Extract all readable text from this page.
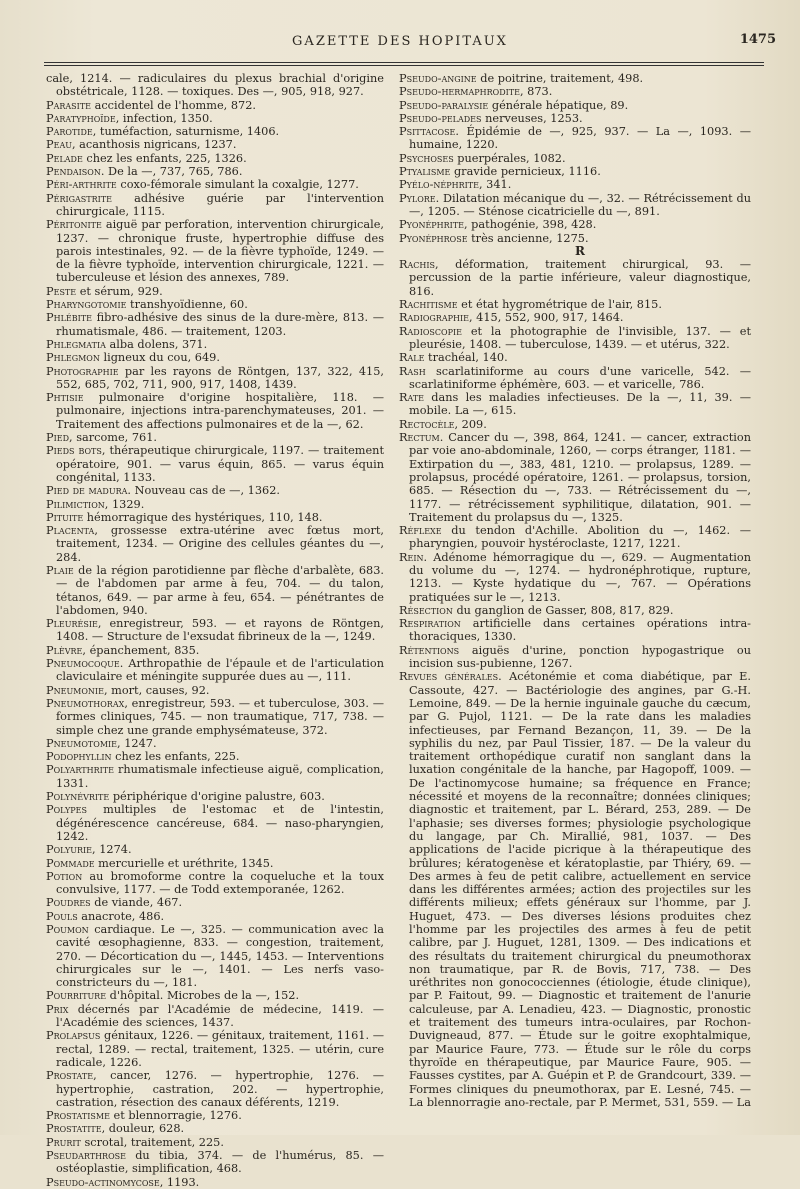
GAZETTE DES HOPITAUX	1475

cale, 1214. — radiculaires du plexus brachial d'origine obstétricale, 1128. — toxiques. Des —, 905, 918, 927.

Parasite accidentel de l'homme, 872.

Paratyphoïde, infection, 1350.

Parotide, tuméfaction, saturnisme, 1406.

Peau, acanthosis nigricans, 1237.

Pelade chez les enfants, 225, 1326.

Pendaison. De la —, 737, 765, 786.

Péri-arthrite coxo-fémorale simulant la coxalgie, 1277.

Périgastrite adhésive guérie par l'intervention chirurgicale, 1115.

Péritonite aiguë par perforation, intervention chirurgicale, 1237. — chronique fruste, hypertrophie diffuse des parois intestinales, 92. — de la fièvre typhoïde, 1249. — de la fièvre typhoïde, intervention chirurgicale, 1221. — tuberculeuse et lésion des annexes, 789.

Peste et sérum, 929.

Pharyngotomie transhyoïdienne, 60.

Phlébite fibro-adhésive des sinus de la dure-mère, 813. — rhumatismale, 486. — traitement, 1203.

Phlegmatia alba dolens, 371.

Phlegmon ligneux du cou, 649.

Photographie par les rayons de Röntgen, 137, 322, 415, 552, 685, 702, 711, 900, 917, 1408, 1439.

Phtisie pulmonaire d'origine hospitalière, 118. — pulmonaire, injections intra-parenchymateuses, 201. — Traitement des affections pulmonaires et de la —, 62.

Pied, sarcome, 761.

Pieds bots, thérapeutique chirurgicale, 1197. — traitement opératoire, 901. — varus équin, 865. — varus équin congénital, 1133.

Pied de madura. Nouveau cas de —, 1362.

Pilimiction, 1329.

Pituite hémorragique des hystériques, 110, 148.

Placenta, grossesse extra-utérine avec fœtus mort, traitement, 1234. — Origine des cellules géantes du —, 284.

Plaie de la région parotidienne par flèche d'arbalète, 683. — de l'abdomen par arme à feu, 704. — du talon, tétanos, 649. — par arme à feu, 654. — pénétrantes de l'abdomen, 940.

Pleurésie, enregistreur, 593. — et rayons de Röntgen, 1408. — Structure de l'exsudat fibrineux de la —, 1249.

Plèvre, épanchement, 835.

Pneumocoque. Arthropathie de l'épaule et de l'articulation claviculaire et méningite suppurée dues au —, 111.

Pneumonie, mort, causes, 92.

Pneumothorax, enregistreur, 593. — et tuberculose, 303. — formes cliniques, 745. — non traumatique, 717, 738. — simple chez une grande emphysémateuse, 372.

Pneumotomie, 1247.

Podophyllin chez les enfants, 225.

Polyarthrite rhumatismale infectieuse aiguë, complication, 1331.

Polynévrite périphérique d'origine palustre, 603.

Polypes multiples de l'estomac et de l'intestin, dégénérescence cancéreuse, 684. — naso-pharyngien, 1242.

Polyurie, 1274.

Pommade mercurielle et uréthrite, 1345.

Potion au bromoforme contre la coqueluche et la toux convulsive, 1177. — de Todd extemporanée, 1262.

Poudres de viande, 467.

Pouls anacrote, 486.

Poumon cardiaque. Le —, 325. — communication avec la cavité œsophagienne, 833. — congestion, traitement, 270. — Décortication du —, 1445, 1453. — Interventions chirurgicales sur le —, 1401. — Les nerfs vaso-constricteurs du —, 181.

Pourriture d'hôpital. Microbes de la —, 152.

Prix décernés par l'Académie de médecine, 1419. — l'Académie des sciences, 1437.

Prolapsus génitaux, 1226. — génitaux, traitement, 1161. — rectal, 1289. — rectal, traitement, 1325. — utérin, cure radicale, 1226.

Prostate, cancer, 1276. — hypertrophie, 1276. — hypertrophie, castration, 202. — hypertrophie, castration, résection des canaux déférents, 1219.

Prostatisme et blennorragie, 1276.

Prostatite, douleur, 628.

Prurit scrotal, traitement, 225.

Pseudarthrose du tibia, 374. — de l'humérus, 85. — ostéoplastie, simplification, 468.

Pseudo-actinomycose, 1193.

Pseudo-angine de poitrine, traitement, 498.

Pseudo-hermaphrodite, 873.

Pseudo-paralysie générale hépatique, 89.

Pseudo-pelades nerveuses, 1253.

Psittacose. Épidémie de —, 925, 937. — La —, 1093. — humaine, 1220.

Psychoses puerpérales, 1082.

Ptyalisme gravide pernicieux, 1116.

Pyélo-néphrite, 341.

Pylore. Dilatation mécanique du —, 32. — Rétrécissement du —, 1205. — Sténose cicatricielle du —, 891.

Pyonéphrite, pathogénie, 398, 428.

Pyonéphrose très ancienne, 1275.

R

Rachis, déformation, traitement chirurgical, 93. — percussion de la partie inférieure, valeur diagnostique, 816.

Rachitisme et état hygrométrique de l'air, 815.

Radiographie, 415, 552, 900, 917, 1464.

Radioscopie et la photographie de l'invisible, 137. — et pleurésie, 1408. — tuberculose, 1439. — et utérus, 322.

Rale trachéal, 140.

Rash scarlatiniforme au cours d'une varicelle, 542. — scarlatiniforme éphémère, 603. — et varicelle, 786.

Rate dans les maladies infectieuses. De la —, 11, 39. — mobile. La —, 615.

Rectocèle, 209.

Rectum. Cancer du —, 398, 864, 1241. — cancer, extraction par voie ano-abdominale, 1260, — corps étranger, 1181. — Extirpation du —, 383, 481, 1210. — prolapsus, 1289. — prolapsus, procédé opératoire, 1261. — prolapsus, torsion, 685. — Résection du —, 733. — Rétrécissement du —, 1177. — rétrécissement syphilitique, dilatation, 901. — Traitement du prolapsus du —, 1325.

Réflexe du tendon d'Achille. Abolition du —, 1462. — pharyngien, pouvoir hystéroclaste, 1217, 1221.

Rein. Adénome hémorragique du —, 629. — Augmentation du volume du —, 1274. — hydronéphrotique, rupture, 1213. — Kyste hydatique du —, 767. — Opérations pratiquées sur le —, 1213.

Résection du ganglion de Gasser, 808, 817, 829.

Respiration artificielle dans certaines opérations intra-thoraciques, 1330.

Rétentions aiguës d'urine, ponction hypogastrique ou incision sus-pubienne, 1267.

Revues générales. Acétonémie et coma diabétique, par E. Cassoute, 427. — Bactériologie des angines, par G.-H. Lemoine, 849. — De la hernie inguinale gauche du cæcum, par G. Pujol, 1121. — De la rate dans les maladies infectieuses, par Fernand Bezançon, 11, 39. — De la syphilis du nez, par Paul Tissier, 187. — De la valeur du traitement orthopédique curatif non sanglant dans la luxation congénitale de la hanche, par Hagopoff, 1009. — De l'actinomycose humaine; sa fréquence en France; nécessité et moyens de la reconnaître; données cliniques; diagnostic et traitement, par L. Bérard, 253, 289. — De l'aphasie; ses diverses formes; physiologie psychologique du langage, par Ch. Mirallié, 981, 1037. — Des applications de l'acide picrique à la thérapeutique des brûlures; kératogenèse et kératoplastie, par Thiéry, 69. — Des armes à feu de petit calibre, actuellement en service dans les différentes armées; action des projectiles sur les différents milieux; effets généraux sur l'homme, par J. Huguet, 473. — Des diverses lésions produites chez l'homme par les projectiles des armes à feu de petit calibre, par J. Huguet, 1281, 1309. — Des indications et des résultats du traitement chirurgical du pneumothorax non traumatique, par R. de Bovis, 717, 738. — Des uréthrites non gonococciennes (étiologie, étude clinique), par P. Faitout, 99. — Diagnostic et traitement de l'anurie calculeuse, par A. Lenadieu, 423. — Diagnostic, pronostic et traitement des tumeurs intra-oculaires, par Rochon-Duvigneaud, 877. — Étude sur le goitre exophtalmique, par Maurice Faure, 773. — Étude sur le rôle du corps thyroïde en thérapeutique, par Maurice Faure, 905. — Fausses cystites, par A. Guépin et P. de Grandcourt, 339. — Formes cliniques du pneumothorax, par E. Lesné, 745. — La blennorragie ano-rectale, par P. Mermet, 531, 559. — La
